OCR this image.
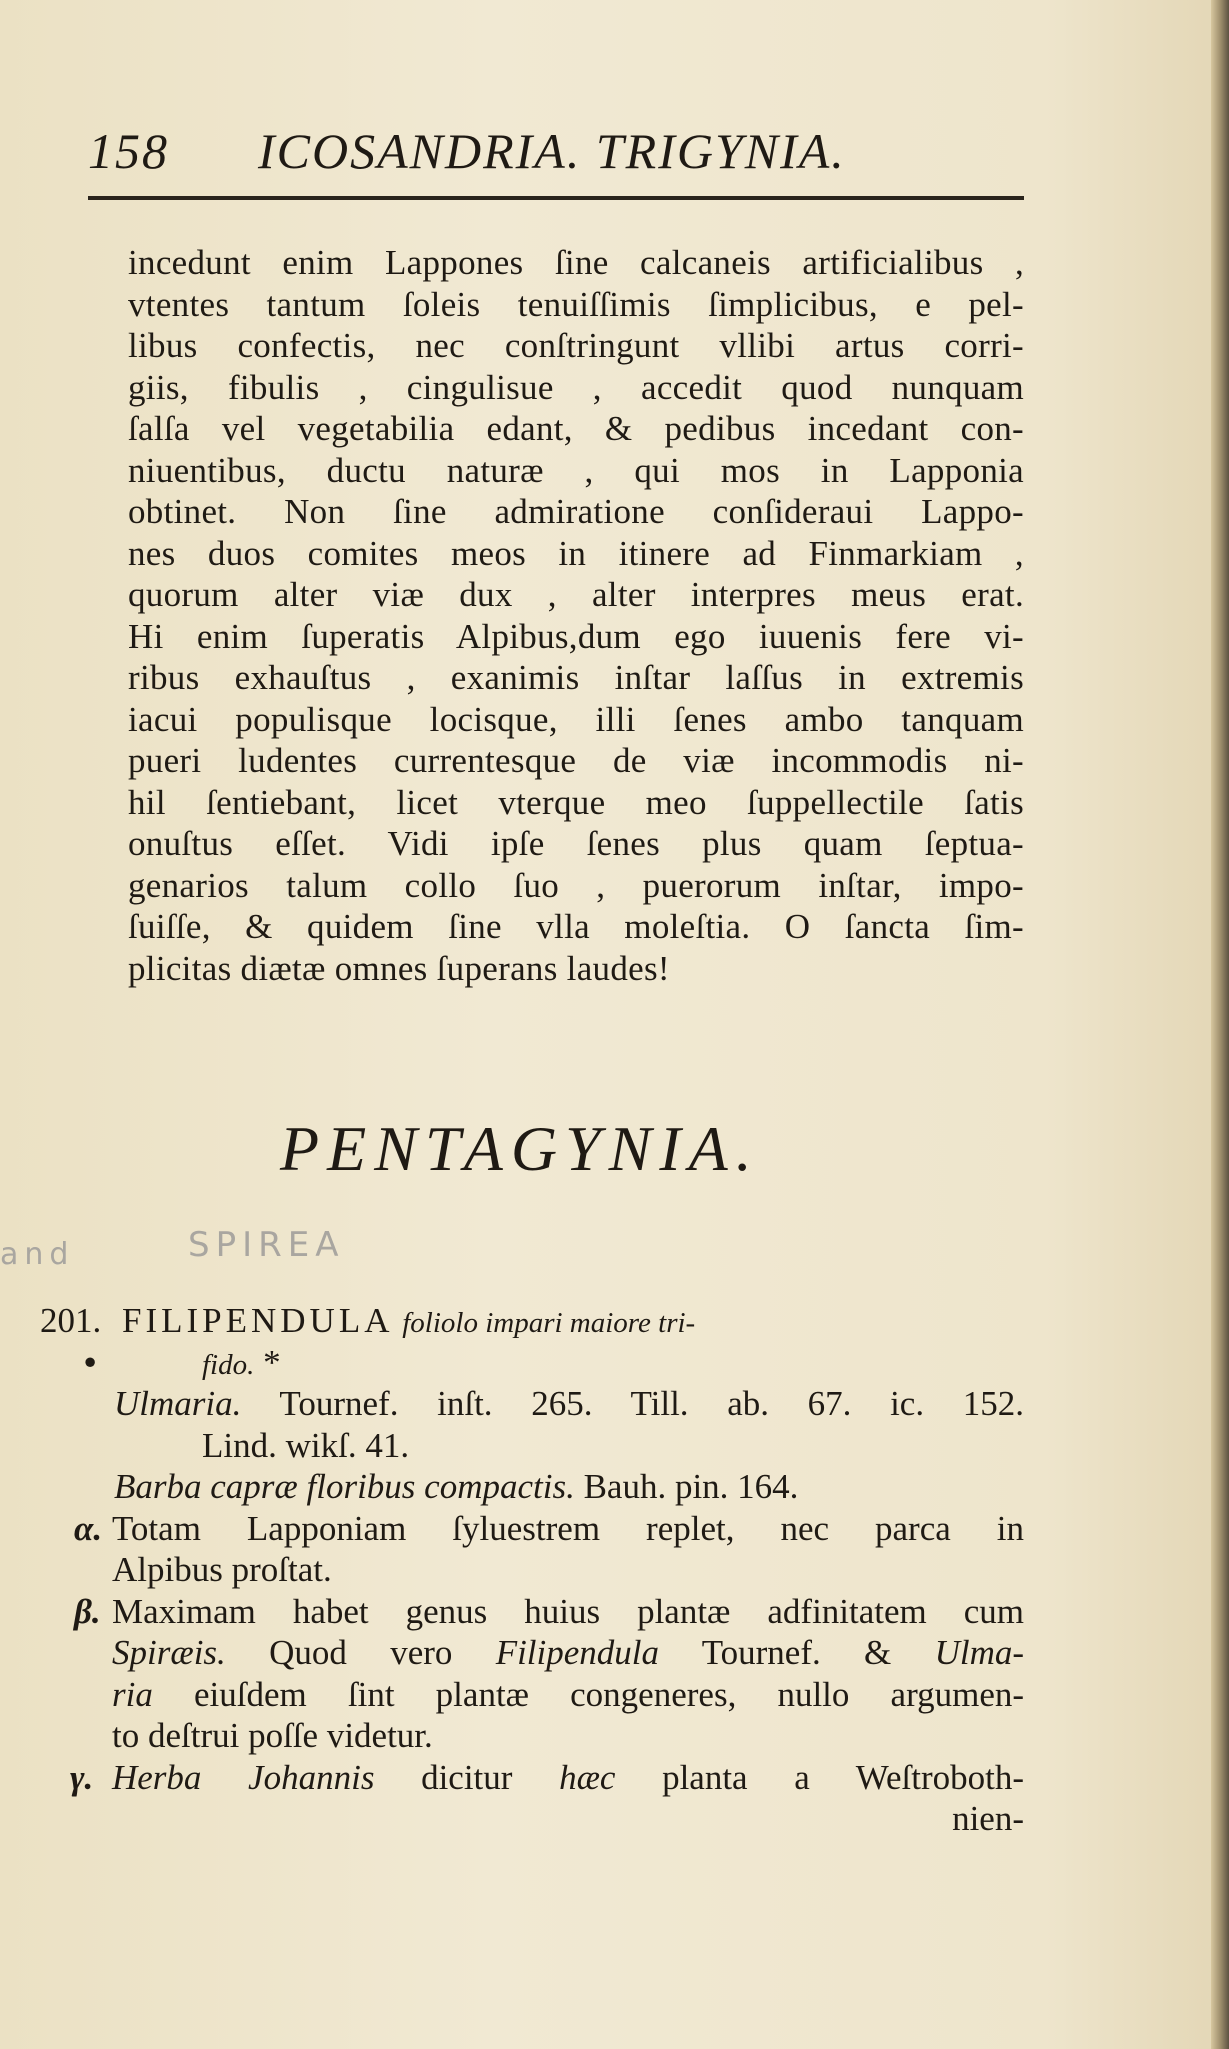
158 ICOSANDRIA. TRIGYNIA.
incedunt enim Lappones ſine calcaneis artificialibus ,
vtentes tantum ſoleis tenuiſſimis ſimplicibus, e pel-
libus confectis, nec conſtringunt vllibi artus corri-
giis, fibulis , cingulisue , accedit quod nunquam
ſalſa vel vegetabilia edant, & pedibus incedant con-
niuentibus, ductu naturæ , qui mos in Lapponia
obtinet. Non ſine admiratione conſideraui Lappo-
nes duos comites meos in itinere ad Finmarkiam ,
quorum alter viæ dux , alter interpres meus erat.
Hi enim ſuperatis Alpibus,dum ego iuuenis fere vi-
ribus exhauſtus , exanimis inſtar laſſus in extremis
iacui populisque locisque, illi ſenes ambo tanquam
pueri ludentes currentesque de viæ incommodis ni-
hil ſentiebant, licet vterque meo ſuppellectile ſatis
onuſtus eſſet. Vidi ipſe ſenes plus quam ſeptua-
genarios talum collo ſuo , puerorum inſtar, impo-
ſuiſſe, & quidem ſine vlla moleſtia. O ſancta ſim-
plicitas diætæ omnes ſuperans laudes!
PENTAGYNIA.
and	SPIREA
201. FILIPENDULA foliolo impari maiore tri-
•	fido. *
Ulmaria. Tournef. inſt. 265. Till. ab. 67. ic. 152.
Lind. wikſ. 41.
Barba capræ floribus compactis. Bauh. pin. 164.
α. Totam Lapponiam ſyluestrem replet, nec parca in
Alpibus proſtat.
β. Maximam habet genus huius plantæ adfinitatem cum
Spiræis. Quod vero Filipendula Tournef. & Ulma-
ria eiuſdem ſint plantæ congeneres, nullo argumen-
to deſtrui poſſe videtur.
γ. Herba Johannis dicitur hæc planta a Weſtroboth-
nien-
